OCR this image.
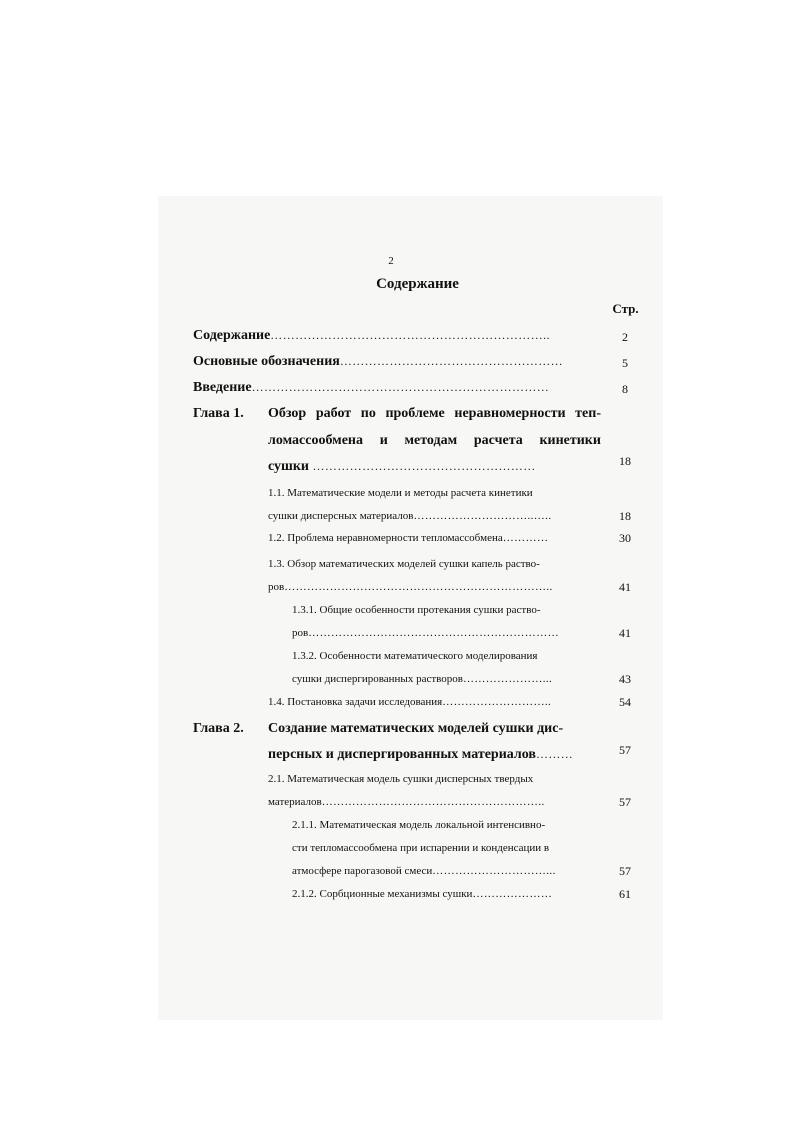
2
Содержание
Стр.
Содержание…………………………………………………………..	2
Основные обозначения………………………………………………	5
Введение………………………………………………………………	8
Глава 1. Обзор работ по проблеме неравномерности теп-
ломассообмена и методам расчета кинетики
сушки ………………………………………………	18
1.1. Математические модели и методы расчета кинетики
сушки дисперсных материалов…………………………..…..	18
1.2. Проблема неравномерности тепломассобмена…………	30
1.3. Обзор математических моделей сушки капель раство-
ров……………………………………………………………..	41
1.3.1. Общие особенности протекания сушки раство-
ров…………………………………………………………	41
1.3.2. Особенности математического моделирования
сушки диспергированных растворов…………………...	43
1.4. Постановка задачи исследования………………………..	54
Глава 2. Создание математических моделей сушки дис-
персных и диспергированных материалов………	57
2.1. Математическая модель сушки дисперсных твердых
материалов…………………………………………………..	57
2.1.1. Математическая модель локальной интенсивно-
сти тепломассообмена при испарении и конденсации в
атмосфере парогазовой смеси…………………………...	57
2.1.2. Сорбционные механизмы сушки…………………	61
